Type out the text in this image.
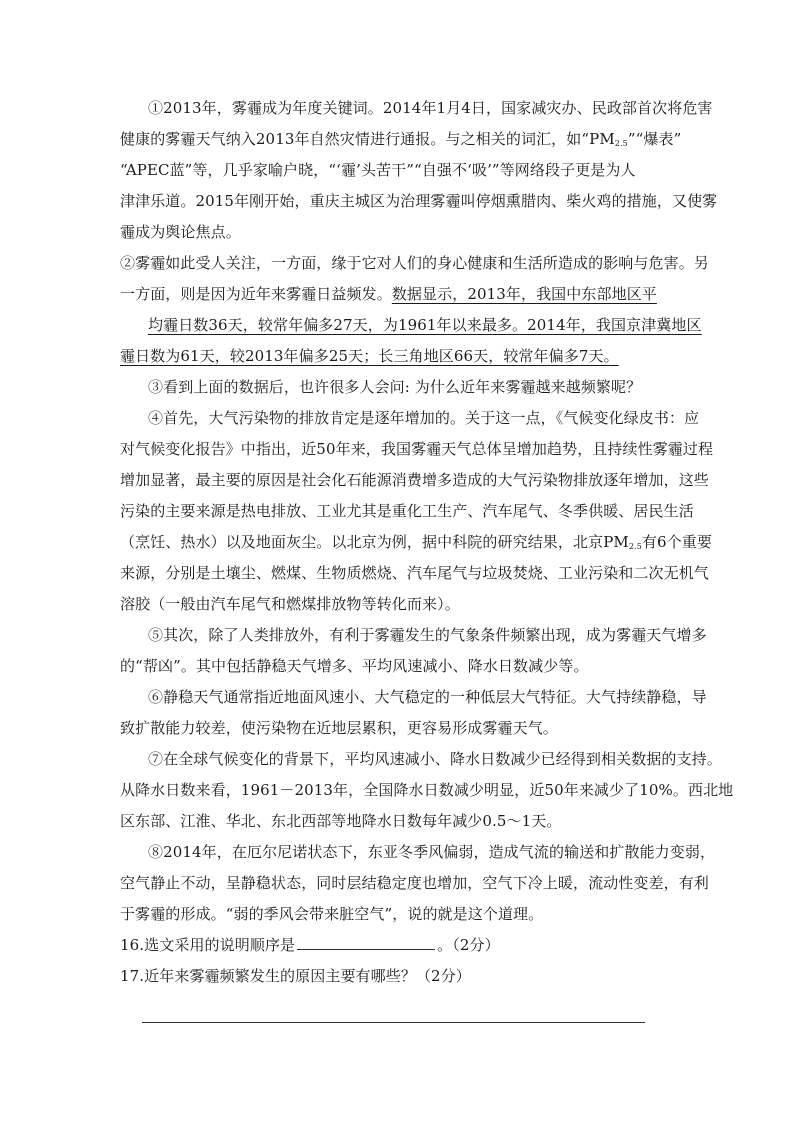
①2013年，雾霾成为年度关键词。2014年1月4日，国家减灾办、民政部首次将危害
健康的雾霾天气纳入2013年自然灾情进行通报。与之相关的词汇，如“$PM_{2.5}”“$爆表”
“APEC蓝”等，几乎家喻户晓，“‘霾’头苦干”“自强不‘吸’”等网络段子更是为人
津津乐道。2015年刚开始，重庆主城区为治理雾霾叫停烟熏腊肉、柴火鸡的措施，又使雾
霾成为舆论焦点。
②雾霾如此受人关注，一方面，缘于它对人们的身心健康和生活所造成的影响与危害。另
一方面，则是因为近年来雾霾日益频发。数据显示，2013年，我国中东部地区平
均霾日数36天，较常年偏多27天，为1961年以来最多。2014年，我国京津冀地区
霾日数为61天，较2013年偏多25天；长三角地区66天，较常年偏多7天。
③看到上面的数据后，也许很多人会问: 为什么近年来雾霾越来越频繁呢？
④首先，大气污染物的排放肯定是逐年增加的。关于这一点，《气候变化绿皮书：应
对气候变化报告》中指出，近50年来，我国雾霾天气总体呈增加趋势，且持续性雾霾过程
增加显著，最主要的原因是社会化石能源消费增多造成的大气污染物排放逐年增加，这些
污染的主要来源是热电排放、工业尤其是重化工生产、汽车尾气、冬季供暖、居民生活
（烹饪、热水）以及地面灰尘。以北京为例，据中科院的研究结果，北京$PM_{2.5}$有6个重要
来源，分别是土壤尘、燃煤、生物质燃烧、汽车尾气与垃圾焚烧、工业污染和二次无机气
溶胶（一般由汽车尾气和燃煤排放物等转化而来）。
⑤其次，除了人类排放外，有利于雾霾发生的气象条件频繁出现，成为雾霾天气增多
的“帮凶”。其中包括静稳天气增多、平均风速减小、降水日数减少等。
⑥静稳天气通常指近地面风速小、大气稳定的一种低层大气特征。大气持续静稳，导
致扩散能力较差，使污染物在近地层累积，更容易形成雾霾天气。
⑦在全球气候变化的背景下，平均风速减小、降水日数减少已经得到相关数据的支持。
从降水日数来看，1961－2013年，全国降水日数减少明显，近50年来减少了10%。西北地
区东部、江淮、华北、东北西部等地降水日数每年减少0.5～1天。
⑧2014年，在厄尔尼诺状态下，东亚冬季风偏弱，造成气流的输送和扩散能力变弱，
空气静止不动，呈静稳状态，同时层结稳定度也增加，空气下冷上暖，流动性变差，有利
于雾霾的形成。“弱的季风会带来脏空气”，说的就是这个道理。
16.选文采用的说明顺序是	。（2分）
17.近年来雾霾频繁发生的原因主要有哪些？（2分）
